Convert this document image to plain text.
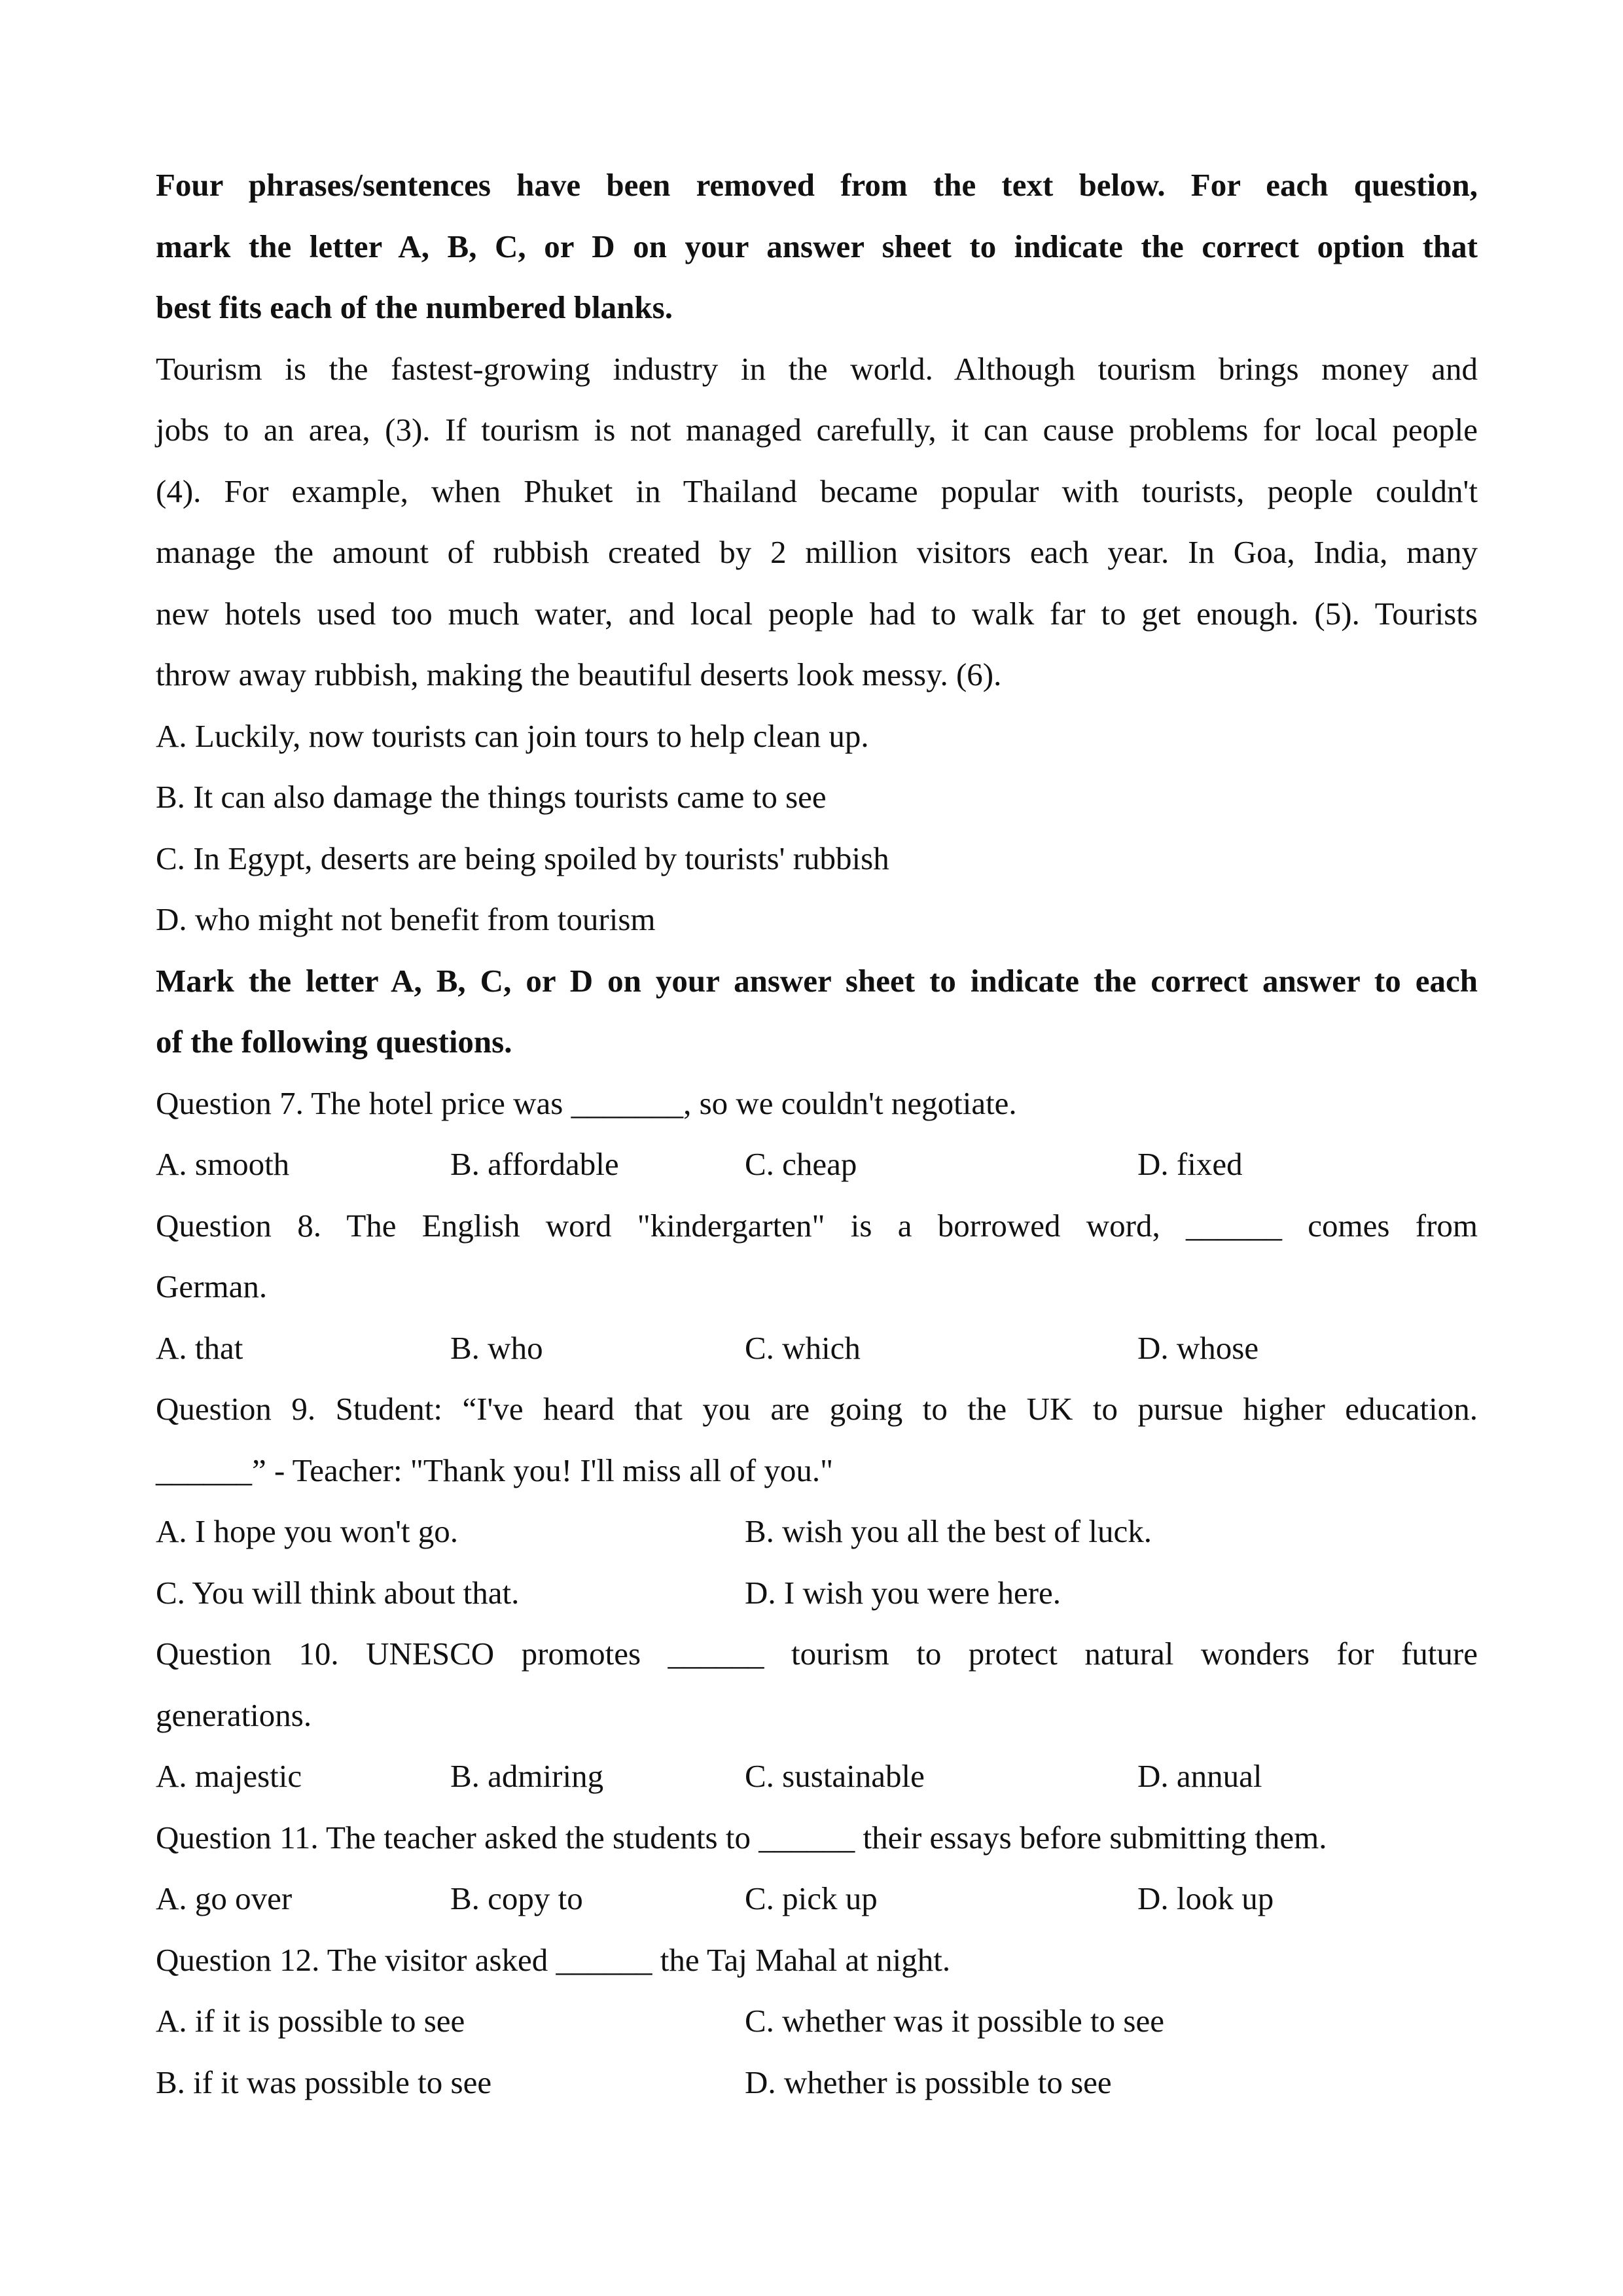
Four phrases/sentences have been removed from the text below. For each question,
mark the letter A, B, C, or D on your answer sheet to indicate the correct option that
best fits each of the numbered blanks.
Tourism is the fastest-growing industry in the world. Although tourism brings money and
jobs to an area, (3). If tourism is not managed carefully, it can cause problems for local people
(4). For example, when Phuket in Thailand became popular with tourists, people couldn't
manage the amount of rubbish created by 2 million visitors each year. In Goa, India, many
new hotels used too much water, and local people had to walk far to get enough. (5). Tourists
throw away rubbish, making the beautiful deserts look messy. (6).
A. Luckily, now tourists can join tours to help clean up.
B. It can also damage the things tourists came to see
C. In Egypt, deserts are being spoiled by tourists' rubbish
D. who might not benefit from tourism
Mark the letter A, B, C, or D on your answer sheet to indicate the correct answer to each
of the following questions.
Question 7. The hotel price was _______, so we couldn't negotiate.
A. smooth	B. affordable	C. cheap	D. fixed
Question 8. The English word "kindergarten" is a borrowed word, ______ comes from
German.
A. that	B. who	C. which	D. whose
Question 9. Student: “I've heard that you are going to the UK to pursue higher education.
______” - Teacher: "Thank you! I'll miss all of you."
A. I hope you won't go.	B. wish you all the best of luck.
C. You will think about that.	D. I wish you were here.
Question 10. UNESCO promotes ______ tourism to protect natural wonders for future
generations.
A. majestic	B. admiring	C. sustainable	D. annual
Question 11. The teacher asked the students to ______ their essays before submitting them.
A. go over	B. copy to	C. pick up	D. look up
Question 12. The visitor asked ______ the Taj Mahal at night.
A. if it is possible to see	C. whether was it possible to see
B. if it was possible to see	D. whether is possible to see
